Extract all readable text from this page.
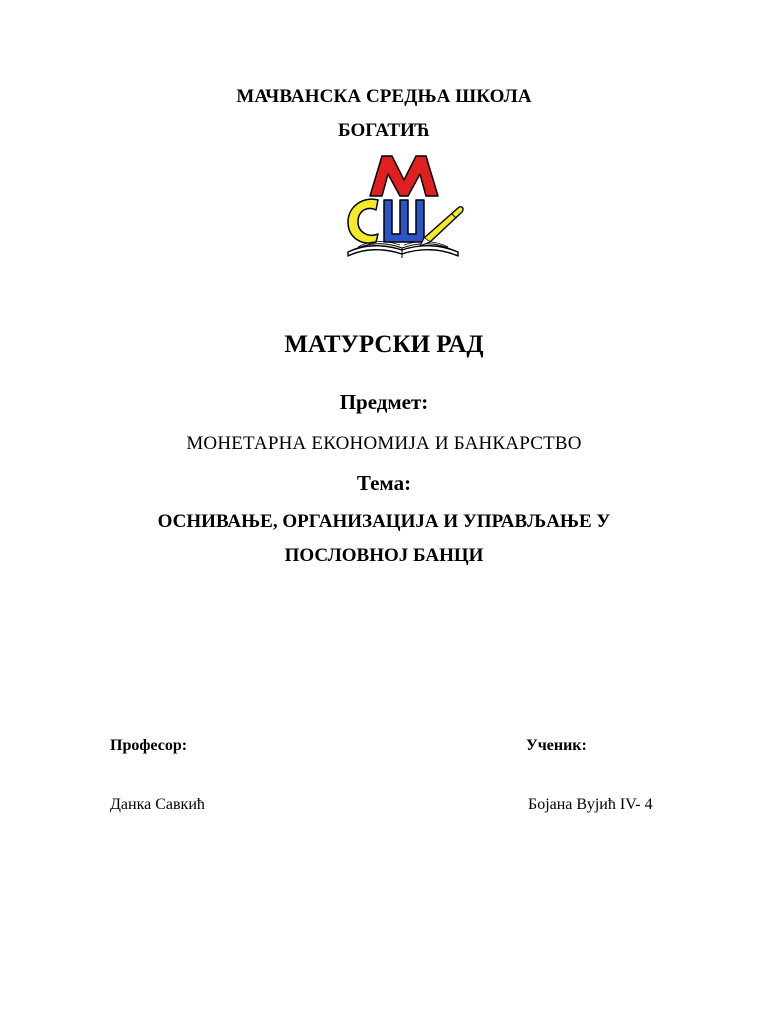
МАЧВАНСКА СРЕДЊА ШКОЛА
БОГАТИЋ
МАТУРСКИ РАД
Предмет:
МОНЕТАРНА ЕКОНОМИЈА И БАНКАРСТВО
Тема:
ОСНИВАЊЕ, ОРГАНИЗАЦИЈА И УПРАВЉАЊЕ У
ПОСЛОВНОЈ БАНЦИ
Професор:	Ученик:
Данка Савкић	Бојана Вујић IV- 4
